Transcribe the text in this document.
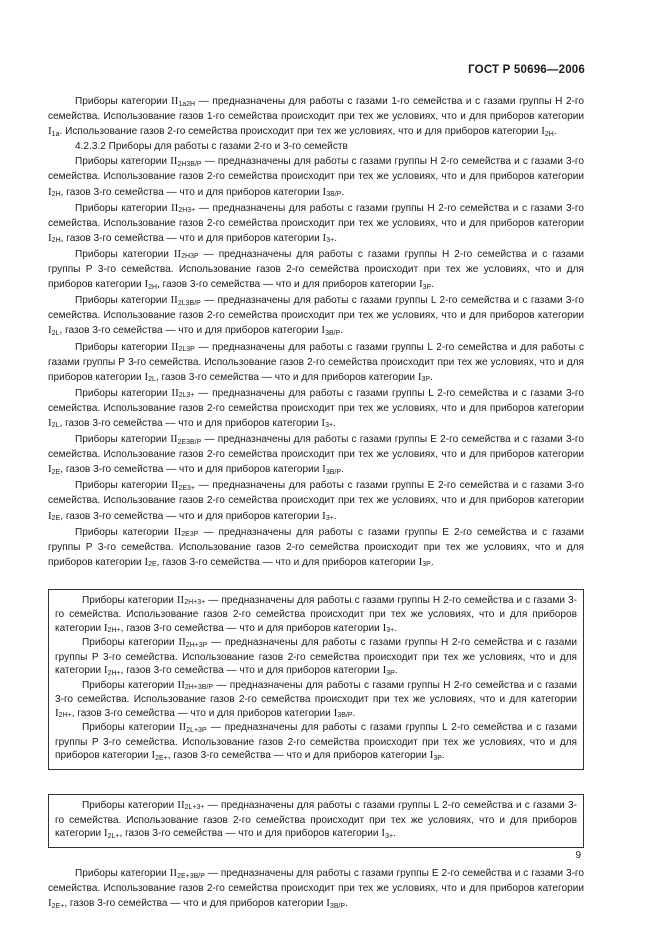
ГОСТ Р 50696—2006

Приборы категории II1a2H — предназначены для работы с газами 1-го семейства и с газами группы Н 2-го семейства. Использование газов 1-го семейства происходит при тех же условиях, что и для приборов категории I1a. Использование газов 2-го семейства происходит при тех же условиях, что и для приборов категории I2H.

4.2.3.2 Приборы для работы с газами 2-го и 3-го семейств

Приборы категории II2H3B/P — предназначены для работы с газами группы Н 2-го семейства и с газами 3-го семейства. Использование газов 2-го семейства происходит при тех же условиях, что и для приборов категории I2H, газов 3-го семейства — что и для приборов категории I3B/P.

Приборы категории II2H3+ — предназначены для работы с газами группы Н 2-го семейства и с газами 3-го семейства. Использование газов 2-го семейства происходит при тех же условиях, что и для приборов категории I2H, газов 3-го семейства — что и для приборов категории I3+.

Приборы категории II2H3P — предназначены для работы с газами группы Н 2-го семейства и с газами группы Р 3-го семейства. Использование газов 2-го семейства происходит при тех же условиях, что и для приборов категории I2H, газов 3-го семейства — что и для приборов категории I3P.

Приборы категории II2L3B/P — предназначены для работы с газами группы L 2-го семейства и с газами 3-го семейства. Использование газов 2-го семейства происходит при тех же условиях, что и для приборов категории I2L, газов 3-го семейства — что и для приборов категории I3B/P.

Приборы категории II2L3P — предназначены для работы с газами группы L 2-го семейства и для работы с газами группы Р 3-го семейства. Использование газов 2-го семейства происходит при тех же условиях, что и для приборов категории I2L, газов 3-го семейства — что и для приборов категории I3P.

Приборы категории II2L3+ — предназначены для работы с газами группы L 2-го семейства и с газами 3-го семейства. Использование газов 2-го семейства происходит при тех же условиях, что и для приборов категории I2L, газов 3-го семейства — что и для приборов категории I3+.

Приборы категории II2E3B/P — предназначены для работы с газами группы Е 2-го семейства и с газами 3-го семейства. Использование газов 2-го семейства происходит при тех же условиях, что и для приборов категории I2E, газов 3-го семейства — что и для приборов категории I3B/P.

Приборы категории II2E3+ — предназначены для работы с газами группы Е 2-го семейства и с газами 3-го семейства. Использование газов 2-го семейства происходит при тех же условиях, что и для приборов категории I2E, газов 3-го семейства — что и для приборов категории I3+.

Приборы категории II2E3P — предназначены для работы с газами группы Е 2-го семейства и с газами группы Р 3-го семейства. Использование газов 2-го семейства происходит при тех же условиях, что и для приборов категории I2E, газов 3-го семейства — что и для приборов категории I3P.

Приборы категории II2H+3+ — предназначены для работы с газами группы Н 2-го семейства и с газами 3-го семейства. Использование газов 2-го семейства происходит при тех же условиях, что и для приборов категории I2H+, газов 3-го семейства — что и для приборов категории I3+.

Приборы категории II2H+3P — предназначены для работы с газами группы Н 2-го семейства и с газами группы Р 3-го семейства. Использование газов 2-го семейства происходит при тех же условиях, что и для категории I2H+, газов 3-го семейства — что и для приборов категории I3P.

Приборы категории II2H+3B/P — предназначены для работы с газами группы Н 2-го семейства и с газами 3-го семейства. Использование газов 2-го семейства происходит при тех же условиях, что и для категории I2H+, газов 3-го семейства — что и для приборов категории I3B/P.

Приборы категории II2L+3P — предназначены для работы с газами группы L 2-го семейства и с газами группы Р 3-го семейства. Использование газов 2-го семейства происходит при тех же условиях, что и для приборов категории I2E+, газов 3-го семейства — что и для приборов категории I3P.

Приборы категории II2L+3+ — предназначены для работы с газами группы L 2-го семейства и с газами 3-го семейства. Использование газов 2-го семейства происходит при тех же условиях, что и для приборов категории I2L+, газов 3-го семейства — что и для приборов категории I3+.

Приборы категории II2E+3B/P — предназначены для работы с газами группы Е 2-го семейства и с газами 3-го семейства. Использование газов 2-го семейства происходит при тех же условиях, что и для приборов категории I2E+, газов 3-го семейства — что и для приборов категории I3B/P.

9
